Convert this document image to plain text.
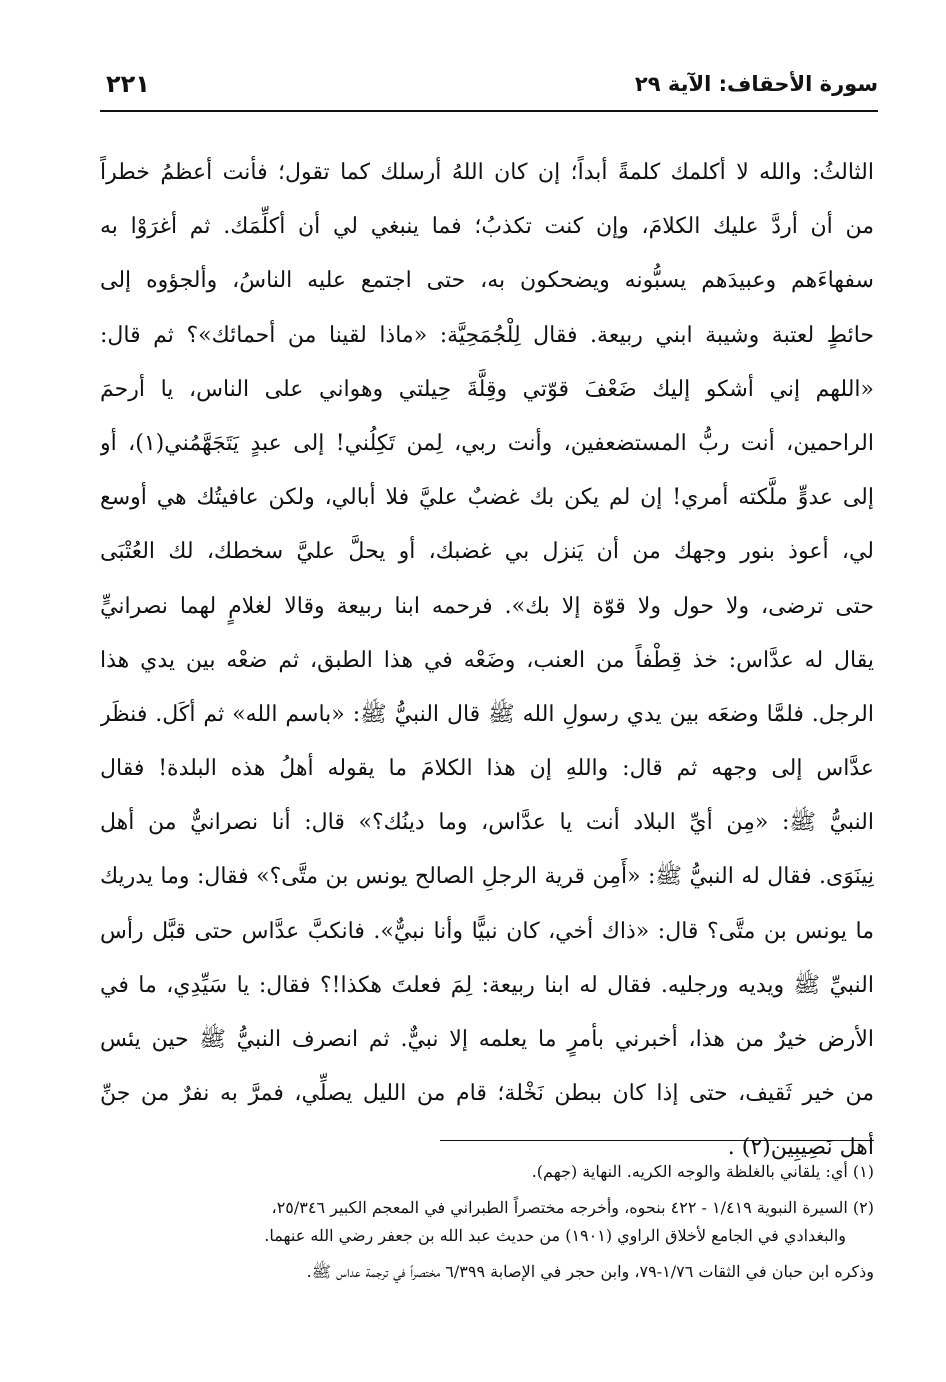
سورة الأحقاف: الآية ٢٩
٢٢١
الثالثُ: والله لا أكلمك كلمةً أبداً؛ إن كان اللهُ أرسلك كما تقول؛ فأنت أعظمُ خطراً
من أن أردَّ عليك الكلامَ، وإن كنت تكذبُ؛ فما ينبغي لي أن أكلِّمَك. ثم أغرَوْا به
سفهاءَهم وعبيدَهم يسبُّونه ويضحكون به، حتى اجتمع عليه الناسُ، وألجؤوه إلى
حائطٍ لعتبة وشيبة ابني ربيعة. فقال لِلْجُمَحِيَّة: «ماذا لقينا من أحمائك»؟ ثم قال:
«اللهم إني أشكو إليك ضَعْفَ قوّتي وقِلَّةَ حِيلتي وهواني على الناس، يا أرحمَ
الراحمين، أنت ربُّ المستضعفين، وأنت ربي، لِمن تَكِلُني! إلى عبدٍ يَتَجَهَّمُني(١)، أو
إلى عدوٍّ ملَّكته أمري! إن لم يكن بك غضبٌ عليَّ فلا أبالي، ولكن عافيتُك هي أوسع
لي، أعوذ بنور وجهك من أن يَنزل بي غضبك، أو يحلَّ عليَّ سخطك، لك العُتْبَى
حتى ترضى، ولا حول ولا قوّة إلا بك». فرحمه ابنا ربيعة وقالا لغلامٍ لهما نصرانيٍّ
يقال له عدَّاس: خذ قِطْفاً من العنب، وضَعْه في هذا الطبق، ثم ضعْه بين يدي هذا
الرجل. فلمَّا وضعَه بين يدي رسولِ الله ﷺ قال النبيُّ ﷺ: «باسم الله» ثم أكَل. فنظَر
عدَّاس إلى وجهه ثم قال: واللهِ إن هذا الكلامَ ما يقوله أهلُ هذه البلدة! فقال
النبيُّ ﷺ: «مِن أيِّ البلاد أنت يا عدَّاس، وما دينُك؟» قال: أنا نصرانيٌّ من أهل
نِينَوَى. فقال له النبيُّ ﷺ: «أَمِن قرية الرجلِ الصالح يونس بن متَّى؟» فقال: وما يدريك
ما يونس بن متَّى؟ قال: «ذاك أخي، كان نبيًّا وأنا نبيٌّ». فانكبَّ عدَّاس حتى قبَّل رأس
النبيِّ ﷺ ويديه ورجليه. فقال له ابنا ربيعة: لِمَ فعلتَ هكذا!؟ فقال: يا سَيِّدِي، ما في
الأرض خيرٌ من هذا، أخبرني بأمرٍ ما يعلمه إلا نبيٌّ. ثم انصرف النبيُّ ﷺ حين يئس
من خير ثَقيف، حتى إذا كان ببطن نَخْلة؛ قام من الليل يصلِّي، فمرَّ به نفرٌ من جنِّ
أهل نَصِيبِين(٢) .
(١) أي: يلقاني بالغلظة والوجه الكريه. النهاية (جهم).
(٢) السيرة النبوية ١/٤١٩ - ٤٢٢ بنحوه، وأخرجه مختصراً الطبراني في المعجم الكبير ٢٥/٣٤٦،
والبغدادي في الجامع لأخلاق الراوي (١٩٠١) من حديث عبد الله بن جعفر رضي الله عنهما.
وذكره ابن حبان في الثقات ١/٧٦-٧٩، وابن حجر في الإصابة ٦/٣٩٩ مختصراً في ترجمة عداس ﷺ.
